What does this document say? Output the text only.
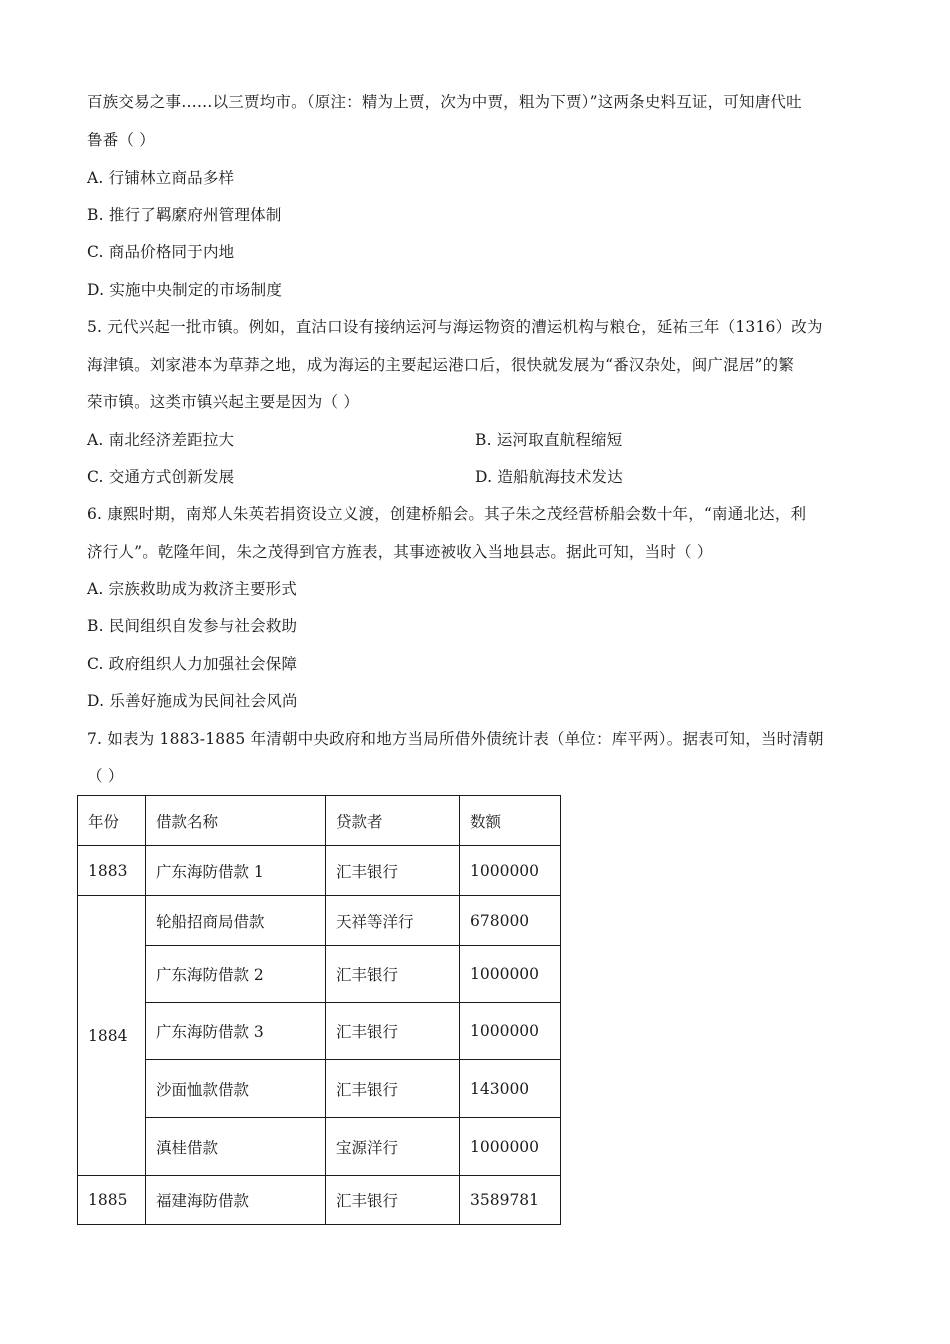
百族交易之事……以三贾均市。（原注：精为上贾，次为中贾，粗为下贾）”这两条史料互证，可知唐代吐
鲁番（ ）
A. 行铺林立商品多样
B. 推行了羁縻府州管理体制
C. 商品价格同于内地
D. 实施中央制定的市场制度
5. 元代兴起一批市镇。例如，直沽口设有接纳运河与海运物资的漕运机构与粮仓，延祐三年（1316）改为
海津镇。刘家港本为草莽之地，成为海运的主要起运港口后，很快就发展为“番汉杂处，闽广混居”的繁
荣市镇。这类市镇兴起主要是因为（ ）
A. 南北经济差距拉大	B. 运河取直航程缩短
C. 交通方式创新发展	D. 造船航海技术发达
6. 康熙时期，南郑人朱英若捐资设立义渡，创建桥船会。其子朱之茂经营桥船会数十年，“南通北达，利
济行人”。乾隆年间，朱之茂得到官方旌表，其事迹被收入当地县志。据此可知，当时（ ）
A. 宗族救助成为救济主要形式
B. 民间组织自发参与社会救助
C. 政府组织人力加强社会保障
D. 乐善好施成为民间社会风尚
7. 如表为 1883-1885 年清朝中央政府和地方当局所借外债统计表（单位：库平两）。据表可知，当时清朝
（ ）
年份	借款名称	贷款者	数额
1883	广东海防借款 1	汇丰银行	1000000
1884	轮船招商局借款	天祥等洋行	678000
	广东海防借款 2	汇丰银行	1000000
	广东海防借款 3	汇丰银行	1000000
	沙面恤款借款	汇丰银行	143000
	滇桂借款	宝源洋行	1000000
1885	福建海防借款	汇丰银行	3589781
